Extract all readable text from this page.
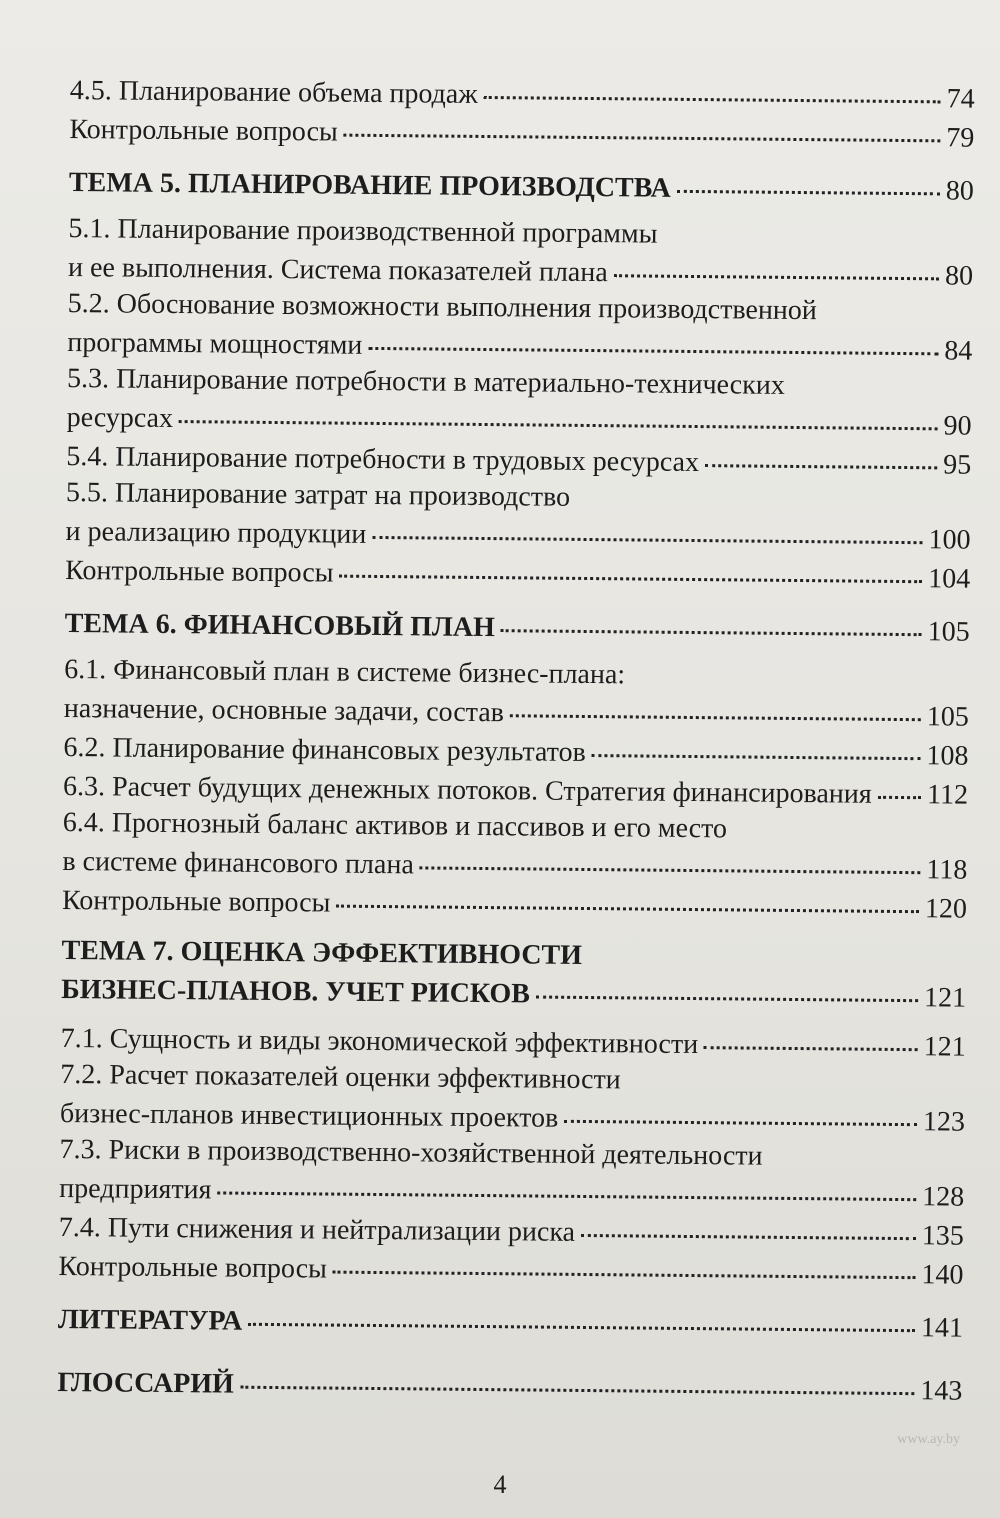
4.5. Планирование объема продаж	74
Контрольные вопросы	79
ТЕМА 5. ПЛАНИРОВАНИЕ ПРОИЗВОДСТВА	80
5.1. Планирование производственной программы
и ее выполнения. Система показателей плана	80
5.2. Обоснование возможности выполнения производственной
программы мощностями	84
5.3. Планирование потребности в материально-технических
ресурсах	90
5.4. Планирование потребности в трудовых ресурсах	95
5.5. Планирование затрат на производство
и реализацию продукции	100
Контрольные вопросы	104
ТЕМА 6. ФИНАНСОВЫЙ ПЛАН	105
6.1. Финансовый план в системе бизнес-плана:
назначение, основные задачи, состав	105
6.2. Планирование финансовых результатов	108
6.3. Расчет будущих денежных потоков. Стратегия финансирования 112
6.4. Прогнозный баланс активов и пассивов и его место
в системе финансового плана	118
Контрольные вопросы	120
ТЕМА 7. ОЦЕНКА ЭФФЕКТИВНОСТИ
БИЗНЕС-ПЛАНОВ. УЧЕТ РИСКОВ	121
7.1. Сущность и виды экономической эффективности	121
7.2. Расчет показателей оценки эффективности
бизнес-планов инвестиционных проектов	123
7.3. Риски в производственно-хозяйственной деятельности
предприятия	128
7.4. Пути снижения и нейтрализации риска	135
Контрольные вопросы	140
ЛИТЕРАТУРА	141
ГЛОССАРИЙ	143
4
www.ay.by
